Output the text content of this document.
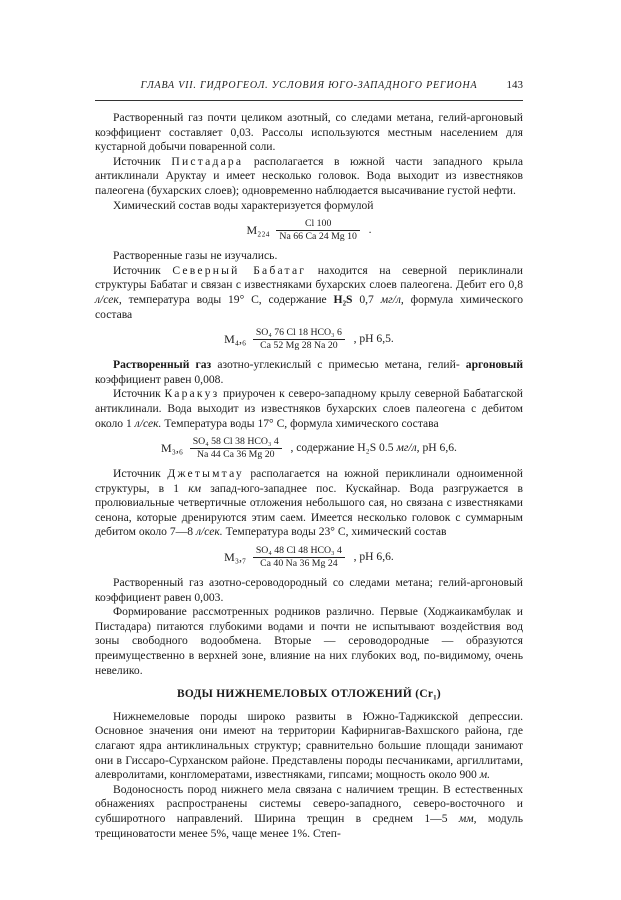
ГЛАВА VII. ГИДРОГЕОЛ. УСЛОВИЯ ЮГО-ЗАПАДНОГО РЕГИОНА	143

Растворенный газ почти целиком азотный, со следами метана, гелий-аргоновый коэффициент составляет 0,03. Рассолы используются местным населением для кустарной добычи поваренной соли.

Источник Пистадара располагается в южной части западного крыла антиклинали Аруктау и имеет несколько головок. Вода выходит из известняков палеогена (бухарских слоев); одновременно наблюдается высачивание густой нефти.

Химический состав воды характеризуется формулой

$M_{224} \frac{Cl 100}{Na 66 Ca 24 Mg 10}$ .

Растворенные газы не изучались.

Источник Северный Бабатаг находится на северной периклинали структуры Бабатаг и связан с известняками бухарских слоев палеогена. Дебит его 0,8 л/сек, температура воды 19° С, содержание H₂S 0,7 мг/л, формула химического состава

$M_4,_6 \frac{\text{SO₄ 76 Cl 18 HCO₃ 6}}{Ca 52 Mg 28 Na 20}$ , pH 6,5.

Растворенный газ азотно-углекислый с примесью метана, гелий- аргоновый коэффициент равен 0,008.

Источник Каракуз приурочен к северо-западному крылу северной Бабатагской антиклинали. Вода выходит из известняков бухарских слоев палеогена с дебитом около 1 л/сек. Температура воды 17° С, формула химического состава

$M_3,_6 \frac{\text{SO₄ 58 Cl 38 HCO₃ 4}}{Na 44 Ca 36 Mg 20}$ , содержание H₂S 0.5 мг/л, pH 6,6.

Источник Джетымтау располагается на южной периклинали одноименной структуры, в 1 км запад-юго-западнее пос. Кускайнар. Вода разгружается в пролювиальные четвертичные отложения небольшого сая, но связана с известняками сенона, которые дренируются этим саем. Имеется несколько головок с суммарным дебитом около 7—8 л/сек. Температура воды 23° С, химический состав

$M_3,_7 \frac{\text{SO₄ 48 Cl 48 HCO₃ 4}}{Ca 40 Na 36 Mg 24}$ , pH 6,6.

Растворенный газ азотно-сероводородный со следами метана; гелий-аргоновый коэффициент равен 0,003.

Формирование рассмотренных родников различно. Первые (Ходжаикамбулак и Пистадара) питаются глубокими водами и почти не испытывают воздействия вод зоны свободного водообмена. Вторые — сероводородные — образуются преимущественно в верхней зоне, влияние на них глубоких вод, по-видимому, очень невелико.

ВОДЫ НИЖНЕМЕЛОВЫХ ОТЛОЖЕНИЙ (Cr₁)

Нижнемеловые породы широко развиты в Южно-Таджикской депрессии. Основное значения они имеют на территории Кафирнигав-Вахшского района, где слагают ядра антиклинальных структур; сравнительно большие площади занимают они в Гиссаро-Сурханском районе. Представлены породы песчаниками, аргиллитами, алевролитами, конгломератами, известняками, гипсами; мощность около 900 м.

Водоносность пород нижнего мела связана с наличием трещин. В естественных обнажениях распространены системы северо-западного, северо-восточного и субширотного направлений. Ширина трещин в среднем 1—5 мм, модуль трещиноватости менее 5%, чаще менее 1%. Степ-
